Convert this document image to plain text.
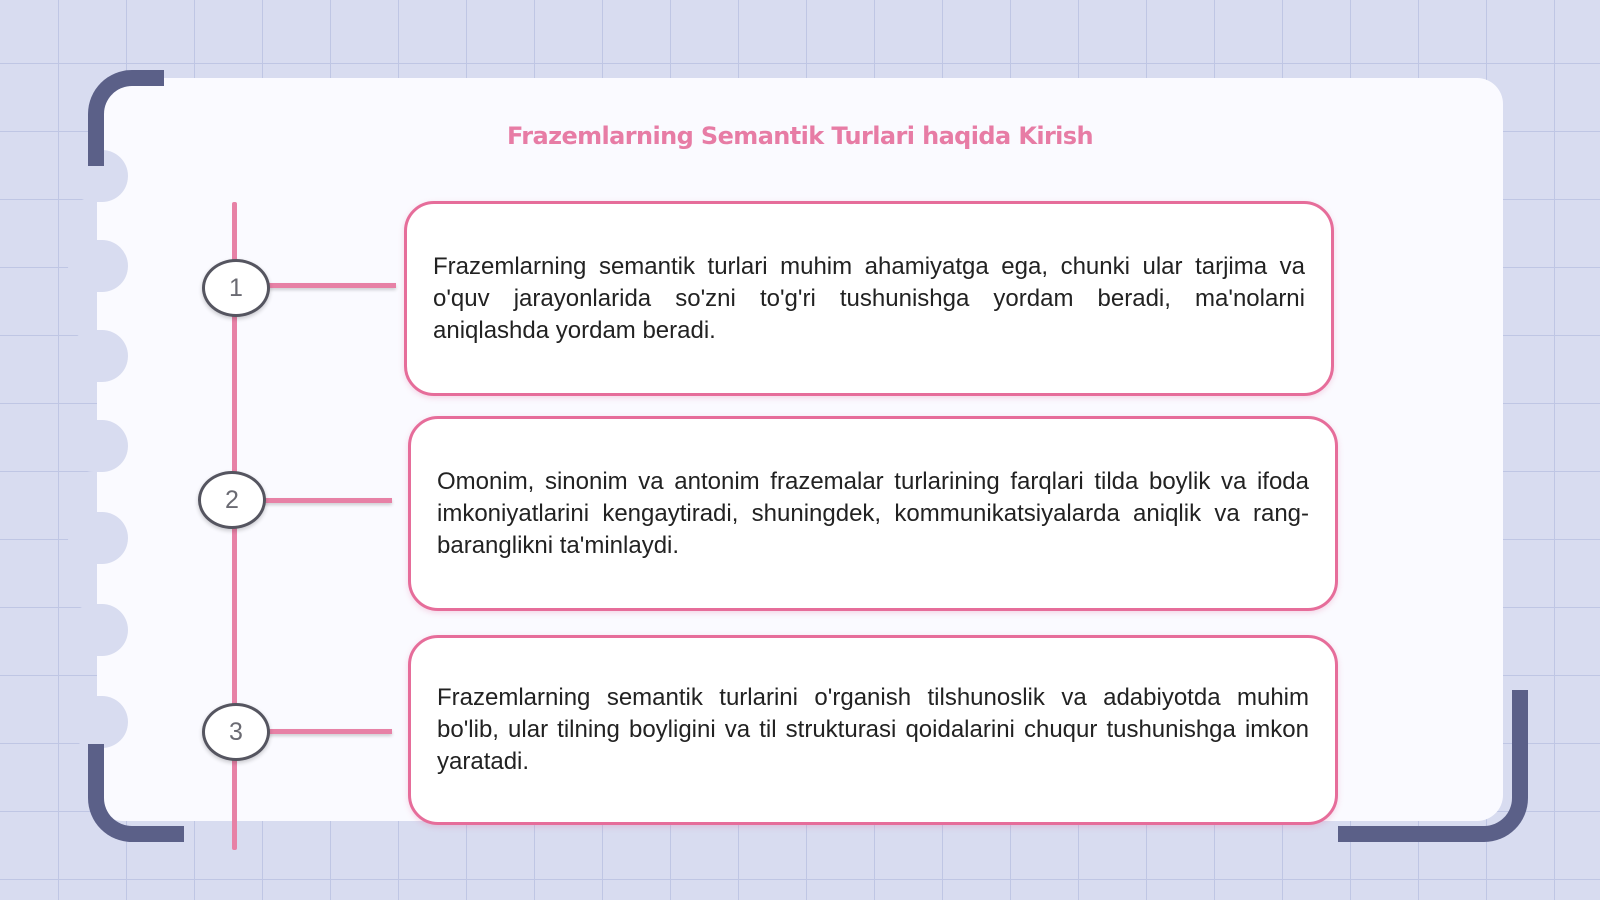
Frazemlarning Semantik Turlari haqida Kirish
1

Frazemlarning semantik turlari muhim ahamiyatga ega, chunki ular tarjima va o'quv jarayonlarida so'zni to'g'ri tushunishga yordam beradi, ma'nolarni aniqlashda yordam beradi.

2

Omonim, sinonim va antonim frazemalar turlarining farqlari tilda boylik va ifoda imkoniyatlarini kengaytiradi, shuningdek, kommunikatsiyalarda aniqlik va rang-baranglikni ta'minlaydi.

3

Frazemlarning semantik turlarini o'rganish tilshunoslik va adabiyotda muhim bo'lib, ular tilning boyligini va til strukturasi qoidalarini chuqur tushunishga imkon yaratadi.
